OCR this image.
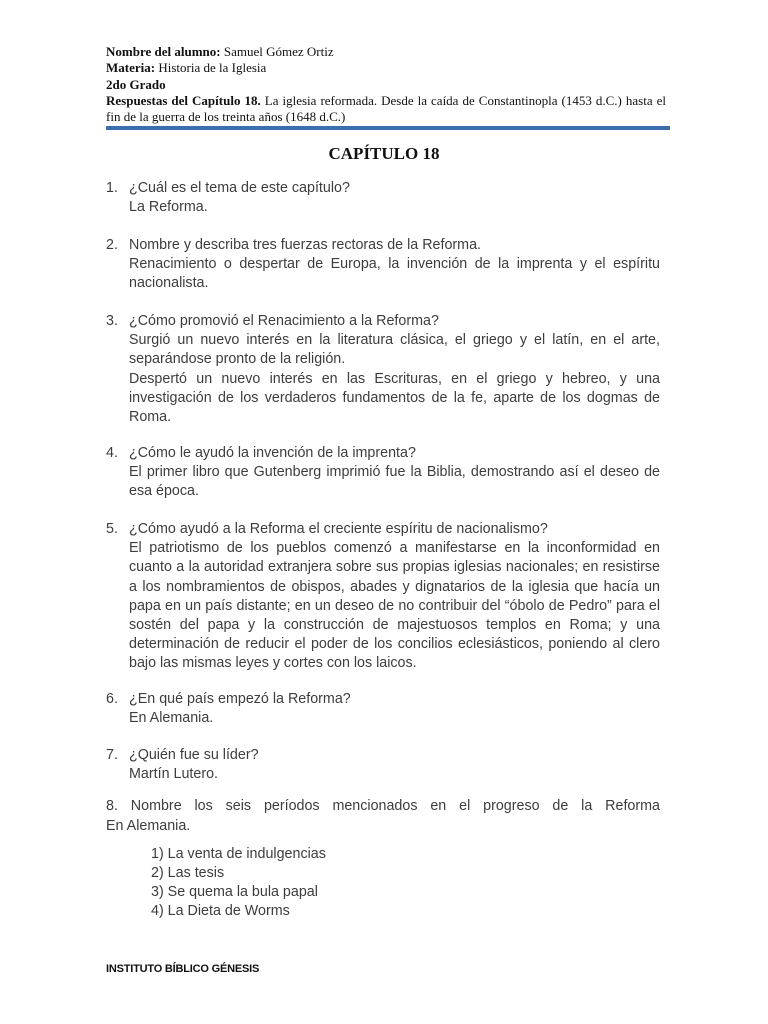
Nombre del alumno: Samuel Gómez Ortiz
Materia: Historia de la Iglesia
2do Grado
Respuestas del Capítulo 18. La iglesia reformada. Desde la caída de Constantinopla (1453 d.C.) hasta el fin de la guerra de los treinta años (1648 d.C.)
CAPÍTULO 18
1. ¿Cuál es el tema de este capítulo?

La Reforma.

2. Nombre y describa tres fuerzas rectoras de la Reforma.

Renacimiento o despertar de Europa, la invención de la imprenta y el espíritu nacionalista.

3. ¿Cómo promovió el Renacimiento a la Reforma?

Surgió un nuevo interés en la literatura clásica, el griego y el latín, en el arte, separándose pronto de la religión.

Despertó un nuevo interés en las Escrituras, en el griego y hebreo, y una investigación de los verdaderos fundamentos de la fe, aparte de los dogmas de Roma.

4. ¿Cómo le ayudó la invención de la imprenta?

El primer libro que Gutenberg imprimió fue la Biblia, demostrando así el deseo de esa época.

5. ¿Cómo ayudó a la Reforma el creciente espíritu de nacionalismo?

El patriotismo de los pueblos comenzó a manifestarse en la inconformidad en cuanto a la autoridad extranjera sobre sus propias iglesias nacionales; en resistirse a los nombramientos de obispos, abades y dignatarios de la iglesia que hacía un papa en un país distante; en un deseo de no contribuir del “óbolo de Pedro” para el sostén del papa y la construcción de majestuosos templos en Roma; y una determinación de reducir el poder de los concilios eclesiásticos, poniendo al clero bajo las mismas leyes y cortes con los laicos.

6. ¿En qué país empezó la Reforma?

En Alemania.

7. ¿Quién fue su líder?

Martín Lutero.

8. Nombre los seis períodos mencionados en el progreso de la Reforma
En Alemania.
1) La venta de indulgencias
2) Las tesis
3) Se quema la bula papal
4) La Dieta de Worms
INSTITUTO BÍBLICO GÉNESIS
